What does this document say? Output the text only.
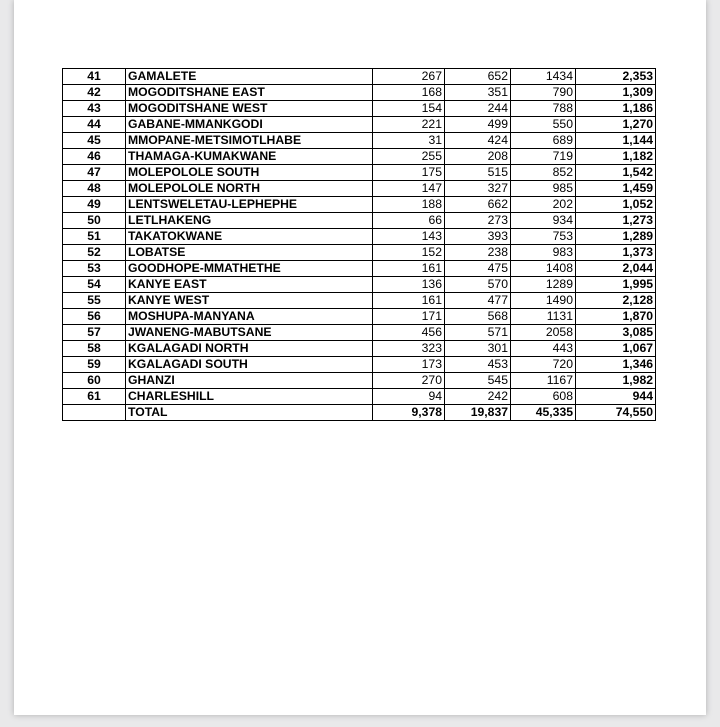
41	GAMALETE	267	652	1434	2,353
42	MOGODITSHANE EAST	168	351	790	1,309
43	MOGODITSHANE WEST	154	244	788	1,186
44	GABANE-MMANKGODI	221	499	550	1,270
45	MMOPANE-METSIMOTLHABE	31	424	689	1,144
46	THAMAGA-KUMAKWANE	255	208	719	1,182
47	MOLEPOLOLE SOUTH	175	515	852	1,542
48	MOLEPOLOLE NORTH	147	327	985	1,459
49	LENTSWELETAU-LEPHEPHE	188	662	202	1,052
50	LETLHAKENG	66	273	934	1,273
51	TAKATOKWANE	143	393	753	1,289
52	LOBATSE	152	238	983	1,373
53	GOODHOPE-MMATHETHE	161	475	1408	2,044
54	KANYE EAST	136	570	1289	1,995
55	KANYE WEST	161	477	1490	2,128
56	MOSHUPA-MANYANA	171	568	1131	1,870
57	JWANENG-MABUTSANE	456	571	2058	3,085
58	KGALAGADI NORTH	323	301	443	1,067
59	KGALAGADI SOUTH	173	453	720	1,346
60	GHANZI	270	545	1167	1,982
61	CHARLESHILL	94	242	608	944
	TOTAL	9,378	19,837	45,335	74,550
